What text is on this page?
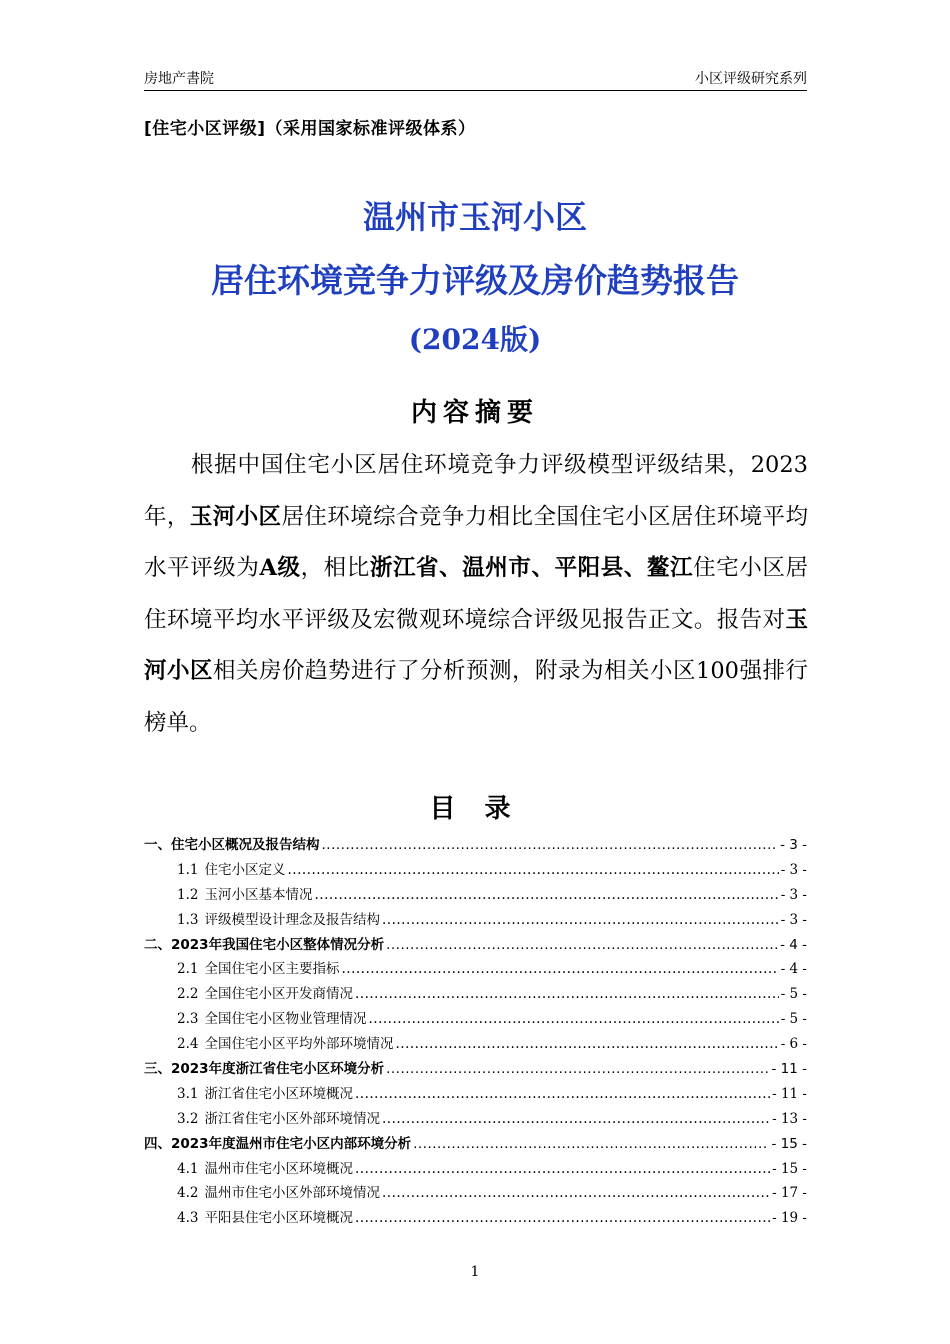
房地产書院	小区评级研究系列
[住宅小区评级]（采用国家标准评级体系）
温州市玉河小区
居住环境竞争力评级及房价趋势报告
(2024版)
内容摘要
根据中国住宅小区居住环境竞争力评级模型评级结果，2023年，玉河小区居住环境综合竞争力相比全国住宅小区居住环境平均水平评级为A级，相比浙江省、温州市、平阳县、鳌江住宅小区居住环境平均水平评级及宏微观环境综合评级见报告正文。报告对玉河小区相关房价趋势进行了分析预测，附录为相关小区100强排行榜单。
目 录
一、 住宅小区概况及报告结构 .....	- 3 -
1.1 住宅小区定义 .....	- 3 -
1.2 玉河小区基本情况 .....	- 3 -
1.3 评级模型设计理念及报告结构 .....	- 3 -
二、 2023年我国住宅小区整体情况分析 .....	- 4 -
2.1 全国住宅小区主要指标 .....	- 4 -
2.2 全国住宅小区开发商情况 .....	- 5 -
2.3 全国住宅小区物业管理情况 .....	- 5 -
2.4 全国住宅小区平均外部环境情况 .....	- 6 -
三、 2023年度浙江省住宅小区环境分析 .....	- 11 -
3.1 浙江省住宅小区环境概况 .....	- 11 -
3.2 浙江省住宅小区外部环境情况 .....	- 13 -
四、 2023年度温州市住宅小区内部环境分析 .....	- 15 -
4.1 温州市住宅小区环境概况 .....	- 15 -
4.2 温州市住宅小区外部环境情况 .....	- 17 -
4.3 平阳县住宅小区环境概况 .....	- 19 -
1
